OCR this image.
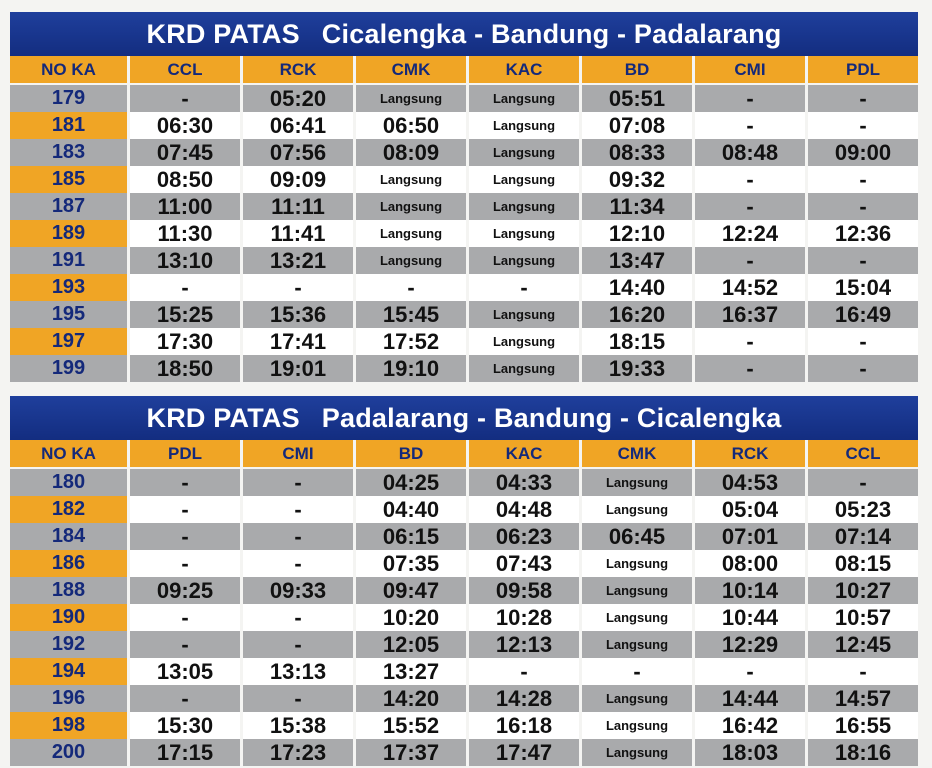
KRD PATAS Cicalengka - Bandung - Padalarang
NO KA	CCL	RCK	CMK	KAC	BD	CMI	PDL
179	-	05:20	Langsung	Langsung	05:51	-	-
181	06:30	06:41	06:50	Langsung	07:08	-	-
183	07:45	07:56	08:09	Langsung	08:33	08:48	09:00
185	08:50	09:09	Langsung	Langsung	09:32	-	-
187	11:00	11:11	Langsung	Langsung	11:34	-	-
189	11:30	11:41	Langsung	Langsung	12:10	12:24	12:36
191	13:10	13:21	Langsung	Langsung	13:47	-	-
193	-	-	-	-	14:40	14:52	15:04
195	15:25	15:36	15:45	Langsung	16:20	16:37	16:49
197	17:30	17:41	17:52	Langsung	18:15	-	-
199	18:50	19:01	19:10	Langsung	19:33	-	-
KRD PATAS Padalarang - Bandung - Cicalengka
NO KA	PDL	CMI	BD	KAC	CMK	RCK	CCL
180	-	-	04:25	04:33	Langsung	04:53	-
182	-	-	04:40	04:48	Langsung	05:04	05:23
184	-	-	06:15	06:23	06:45	07:01	07:14
186	-	-	07:35	07:43	Langsung	08:00	08:15
188	09:25	09:33	09:47	09:58	Langsung	10:14	10:27
190	-	-	10:20	10:28	Langsung	10:44	10:57
192	-	-	12:05	12:13	Langsung	12:29	12:45
194	13:05	13:13	13:27	-	-	-	-
196	-	-	14:20	14:28	Langsung	14:44	14:57
198	15:30	15:38	15:52	16:18	Langsung	16:42	16:55
200	17:15	17:23	17:37	17:47	Langsung	18:03	18:16
